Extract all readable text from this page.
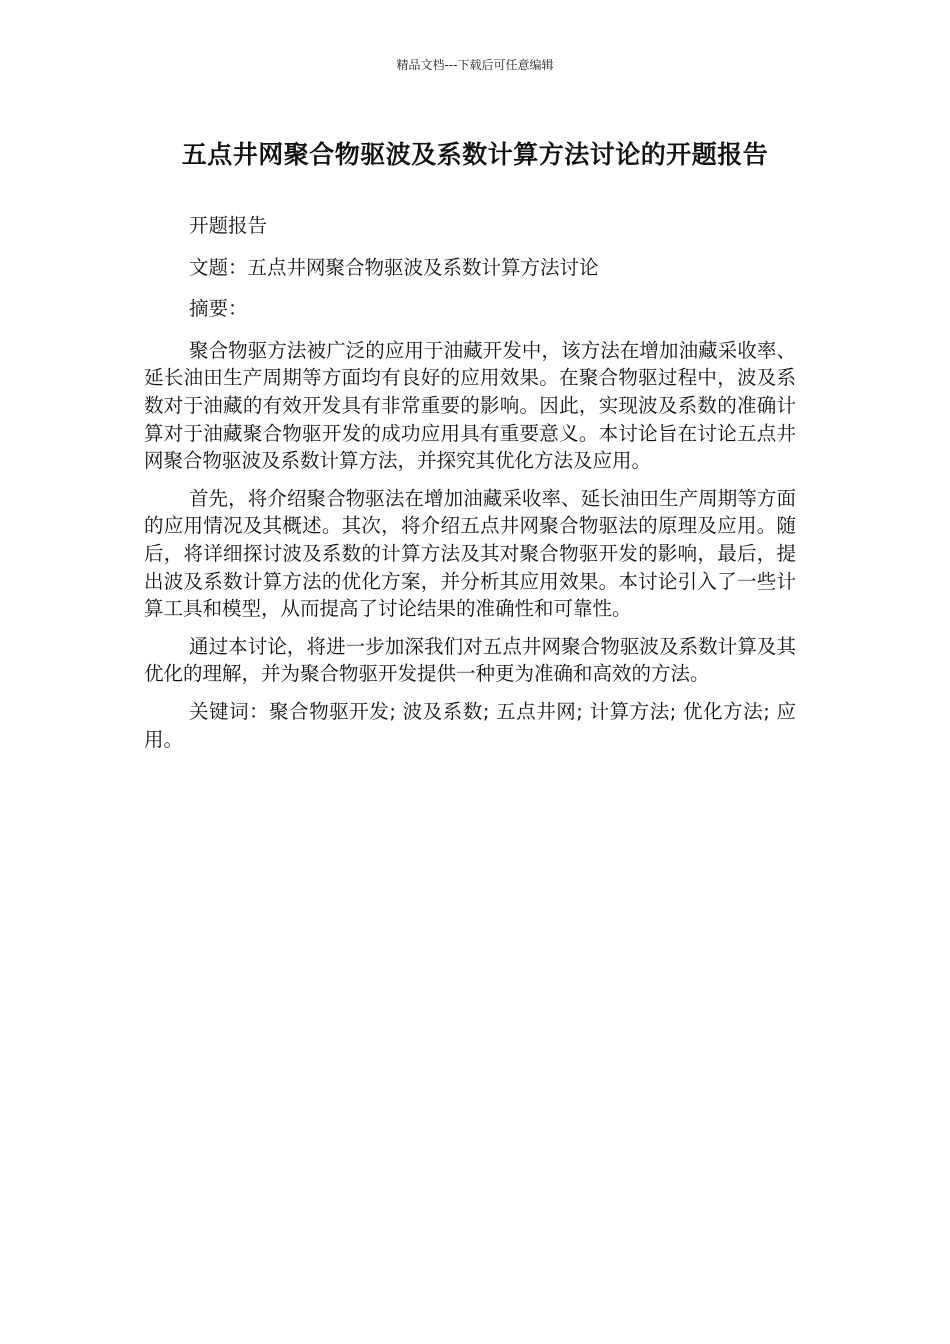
精品文档---下载后可任意编辑
五点井网聚合物驱波及系数计算方法讨论的开题报告

开题报告

文题：五点井网聚合物驱波及系数计算方法讨论

摘要：

聚合物驱方法被广泛的应用于油藏开发中，该方法在增加油藏采收率、延长油田生产周期等方面均有良好的应用效果。在聚合物驱过程中，波及系数对于油藏的有效开发具有非常重要的影响。因此，实现波及系数的准确计算对于油藏聚合物驱开发的成功应用具有重要意义。本讨论旨在讨论五点井网聚合物驱波及系数计算方法，并探究其优化方法及应用。

首先，将介绍聚合物驱法在增加油藏采收率、延长油田生产周期等方面的应用情况及其概述。其次，将介绍五点井网聚合物驱法的原理及应用。随后，将详细探讨波及系数的计算方法及其对聚合物驱开发的影响，最后，提出波及系数计算方法的优化方案，并分析其应用效果。本讨论引入了一些计算工具和模型，从而提高了讨论结果的准确性和可靠性。

通过本讨论，将进一步加深我们对五点井网聚合物驱波及系数计算及其优化的理解，并为聚合物驱开发提供一种更为准确和高效的方法。

关键词：聚合物驱开发; 波及系数; 五点井网; 计算方法; 优化方法; 应用。
